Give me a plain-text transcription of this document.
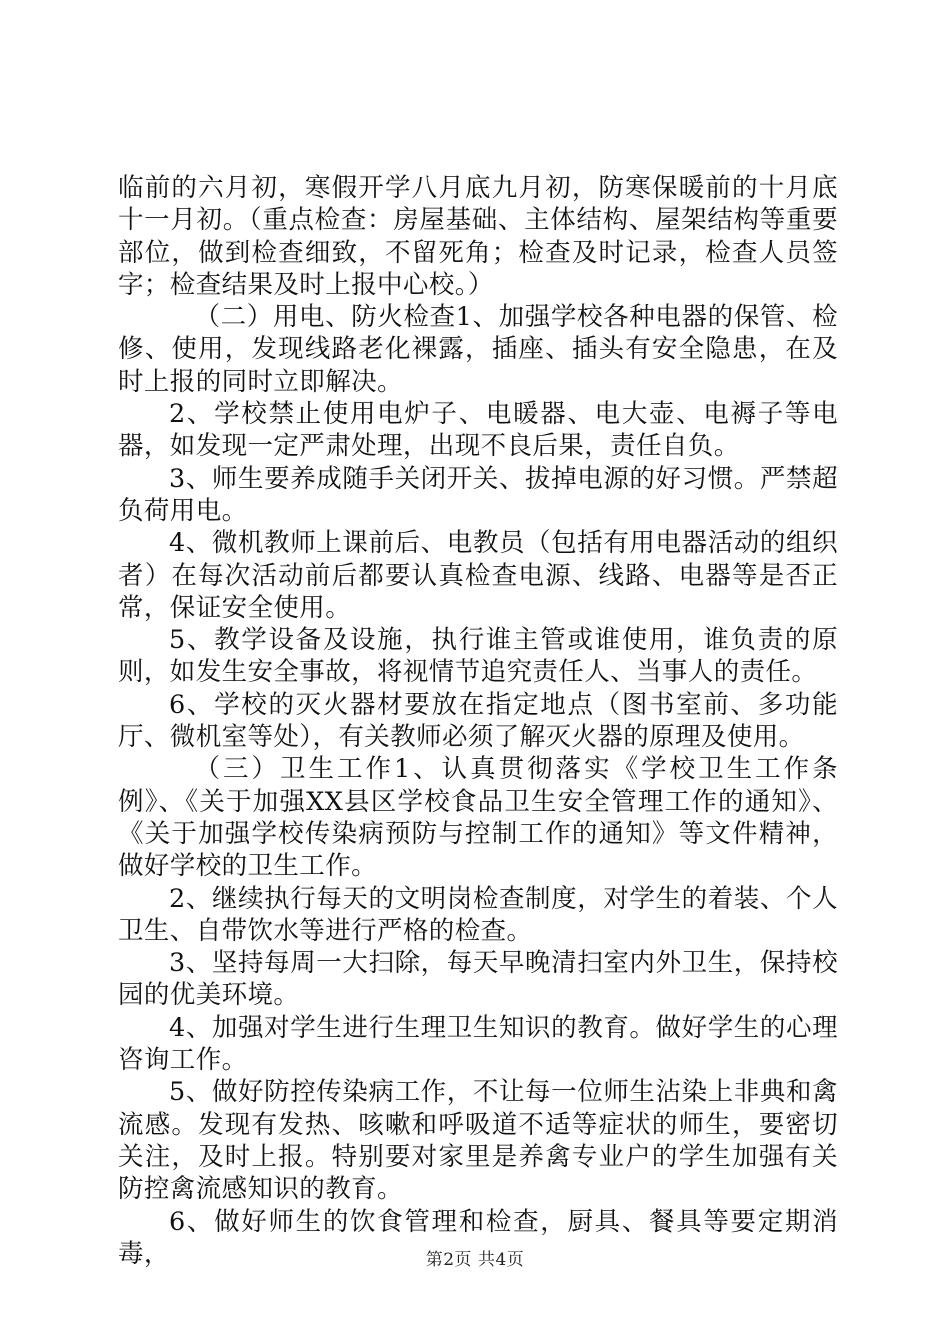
临前的六月初，寒假开学八月底九月初，防寒保暖前的十月底十一月初。（重点检查：房屋基础、主体结构、屋架结构等重要部位，做到检查细致，不留死角；检查及时记录，检查人员签字；检查结果及时上报中心校。）

（二）用电、防火检查1、加强学校各种电器的保管、检修、使用，发现线路老化裸露，插座、插头有安全隐患，在及时上报的同时立即解决。

2、学校禁止使用电炉子、电暖器、电大壶、电褥子等电器，如发现一定严肃处理，出现不良后果，责任自负。

3、师生要养成随手关闭开关、拔掉电源的好习惯。严禁超负荷用电。

4、微机教师上课前后、电教员（包括有用电器活动的组织者）在每次活动前后都要认真检查电源、线路、电器等是否正常，保证安全使用。

5、教学设备及设施，执行谁主管或谁使用，谁负责的原则，如发生安全事故，将视情节追究责任人、当事人的责任。

6、学校的灭火器材要放在指定地点（图书室前、多功能厅、微机室等处），有关教师必须了解灭火器的原理及使用。

（三）卫生工作1、认真贯彻落实《学校卫生工作条例》、《关于加强XX县区学校食品卫生安全管理工作的通知》、《关于加强学校传染病预防与控制工作的通知》等文件精神，做好学校的卫生工作。

2、继续执行每天的文明岗检查制度，对学生的着装、个人卫生、自带饮水等进行严格的检查。

3、坚持每周一大扫除，每天早晚清扫室内外卫生，保持校园的优美环境。

4、加强对学生进行生理卫生知识的教育。做好学生的心理咨询工作。

5、做好防控传染病工作，不让每一位师生沾染上非典和禽流感。发现有发热、咳嗽和呼吸道不适等症状的师生，要密切关注，及时上报。特别要对家里是养禽专业户的学生加强有关防控禽流感知识的教育。

6、做好师生的饮食管理和检查，厨具、餐具等要定期消毒，	第2页 共4页
